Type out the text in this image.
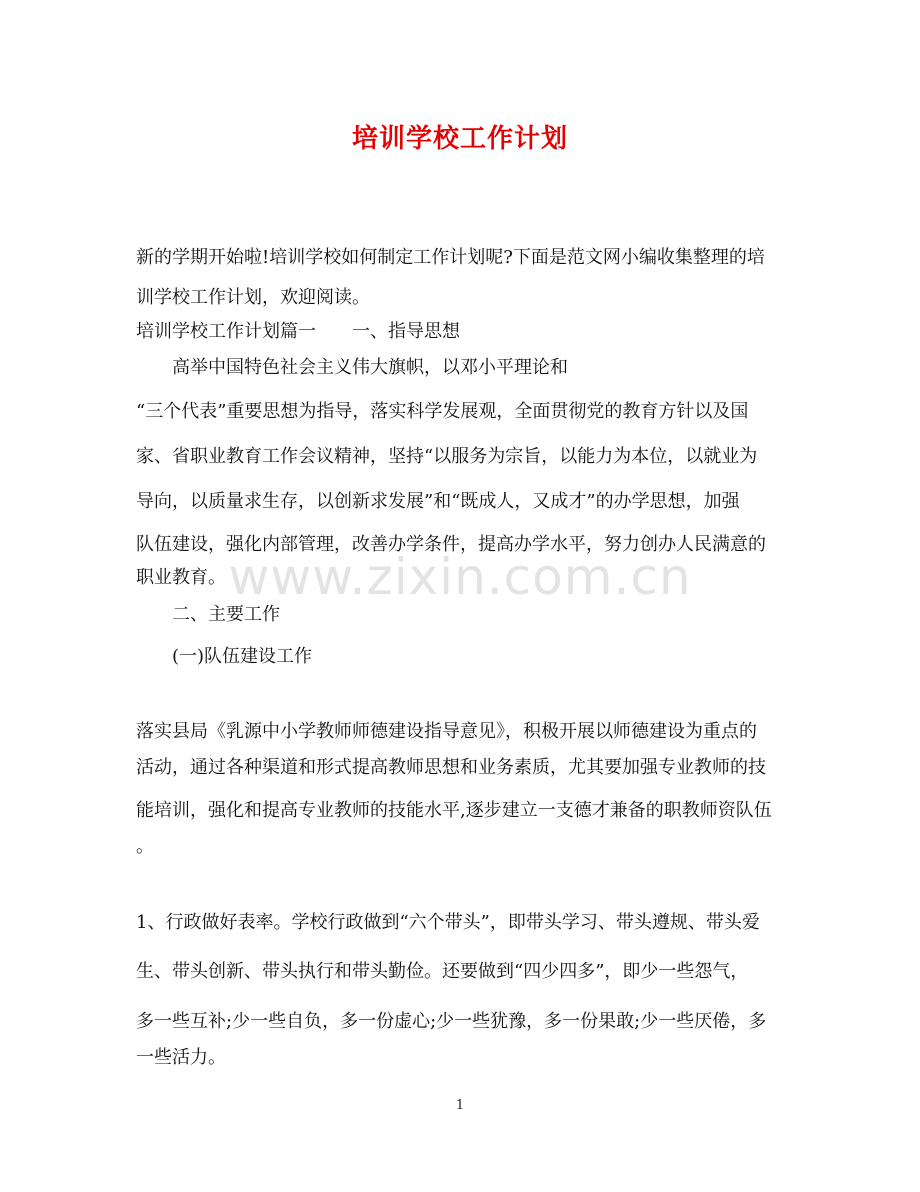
培训学校工作计划
新的学期开始啦!培训学校如何制定工作计划呢?下面是范文网小编收集整理的培
训学校工作计划，欢迎阅读。
培训学校工作计划篇一　　一、指导思想
高举中国特色社会主义伟大旗帜，以邓小平理论和
“三个代表”重要思想为指导，落实科学发展观，全面贯彻党的教育方针以及国
家、省职业教育工作会议精神，坚持“以服务为宗旨，以能力为本位，以就业为
导向，以质量求生存，以创新求发展”和“既成人，又成才”的办学思想，加强
队伍建设，强化内部管理，改善办学条件，提高办学水平，努力创办人民满意的
职业教育。
二、主要工作
(一)队伍建设工作
落实县局《乳源中小学教师师德建设指导意见》，积极开展以师德建设为重点的
活动，通过各种渠道和形式提高教师思想和业务素质，尤其要加强专业教师的技
能培训，强化和提高专业教师的技能水平,逐步建立一支德才兼备的职教师资队伍
。
1、行政做好表率。学校行政做到“六个带头”，即带头学习、带头遵规、带头爱
生、带头创新、带头执行和带头勤俭。还要做到“四少四多”，即少一些怨气，
多一些互补;少一些自负，多一份虚心;少一些犹豫，多一份果敢;少一些厌倦，多
一些活力。
www.zixin.com.cn
1
